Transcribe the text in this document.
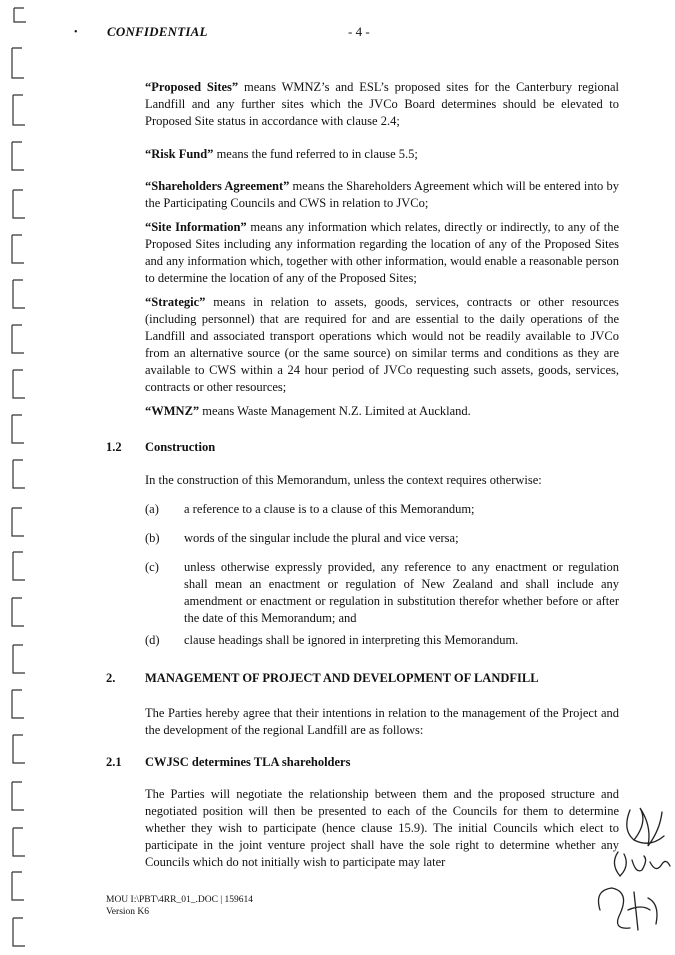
• CONFIDENTIAL	- 4 -

“Proposed Sites” means WMNZ’s and ESL’s proposed sites for the Canterbury regional Landfill and any further sites which the JVCo Board determines should be elevated to Proposed Site status in accordance with clause 2.4;

“Risk Fund” means the fund referred to in clause 5.5;

“Shareholders Agreement” means the Shareholders Agreement which will be entered into by the Participating Councils and CWS in relation to JVCo;

“Site Information” means any information which relates, directly or indirectly, to any of the Proposed Sites including any information regarding the location of any of the Proposed Sites and any information which, together with other information, would enable a reasonable person to determine the location of any of the Proposed Sites;

“Strategic” means in relation to assets, goods, services, contracts or other resources (including personnel) that are required for and are essential to the daily operations of the Landfill and associated transport operations which would not be readily available to JVCo from an alternative source (or the same source) on similar terms and conditions as they are available to CWS within a 24 hour period of JVCo requesting such assets, goods, services, contracts or other resources;

“WMNZ” means Waste Management N.Z. Limited at Auckland.

1.2 Construction

In the construction of this Memorandum, unless the context requires otherwise:

(a) a reference to a clause is to a clause of this Memorandum;

(b) words of the singular include the plural and vice versa;

(c) unless otherwise expressly provided, any reference to any enactment or regulation shall mean an enactment or regulation of New Zealand and shall include any amendment or enactment or regulation in substitution therefor whether before or after the date of this Memorandum; and

(d) clause headings shall be ignored in interpreting this Memorandum.

2. MANAGEMENT OF PROJECT AND DEVELOPMENT OF LANDFILL

The Parties hereby agree that their intentions in relation to the management of the Project and the development of the regional Landfill are as follows:

2.1 CWJSC determines TLA shareholders

The Parties will negotiate the relationship between them and the proposed structure and negotiated position will then be presented to each of the Councils for them to determine whether they wish to participate (hence clause 15.9). The initial Councils which elect to participate in the joint venture project shall have the sole right to determine whether any Councils which do not initially wish to participate may later

MOU I:\PBT\4RR_01_.DOC | 159614
Version K6
